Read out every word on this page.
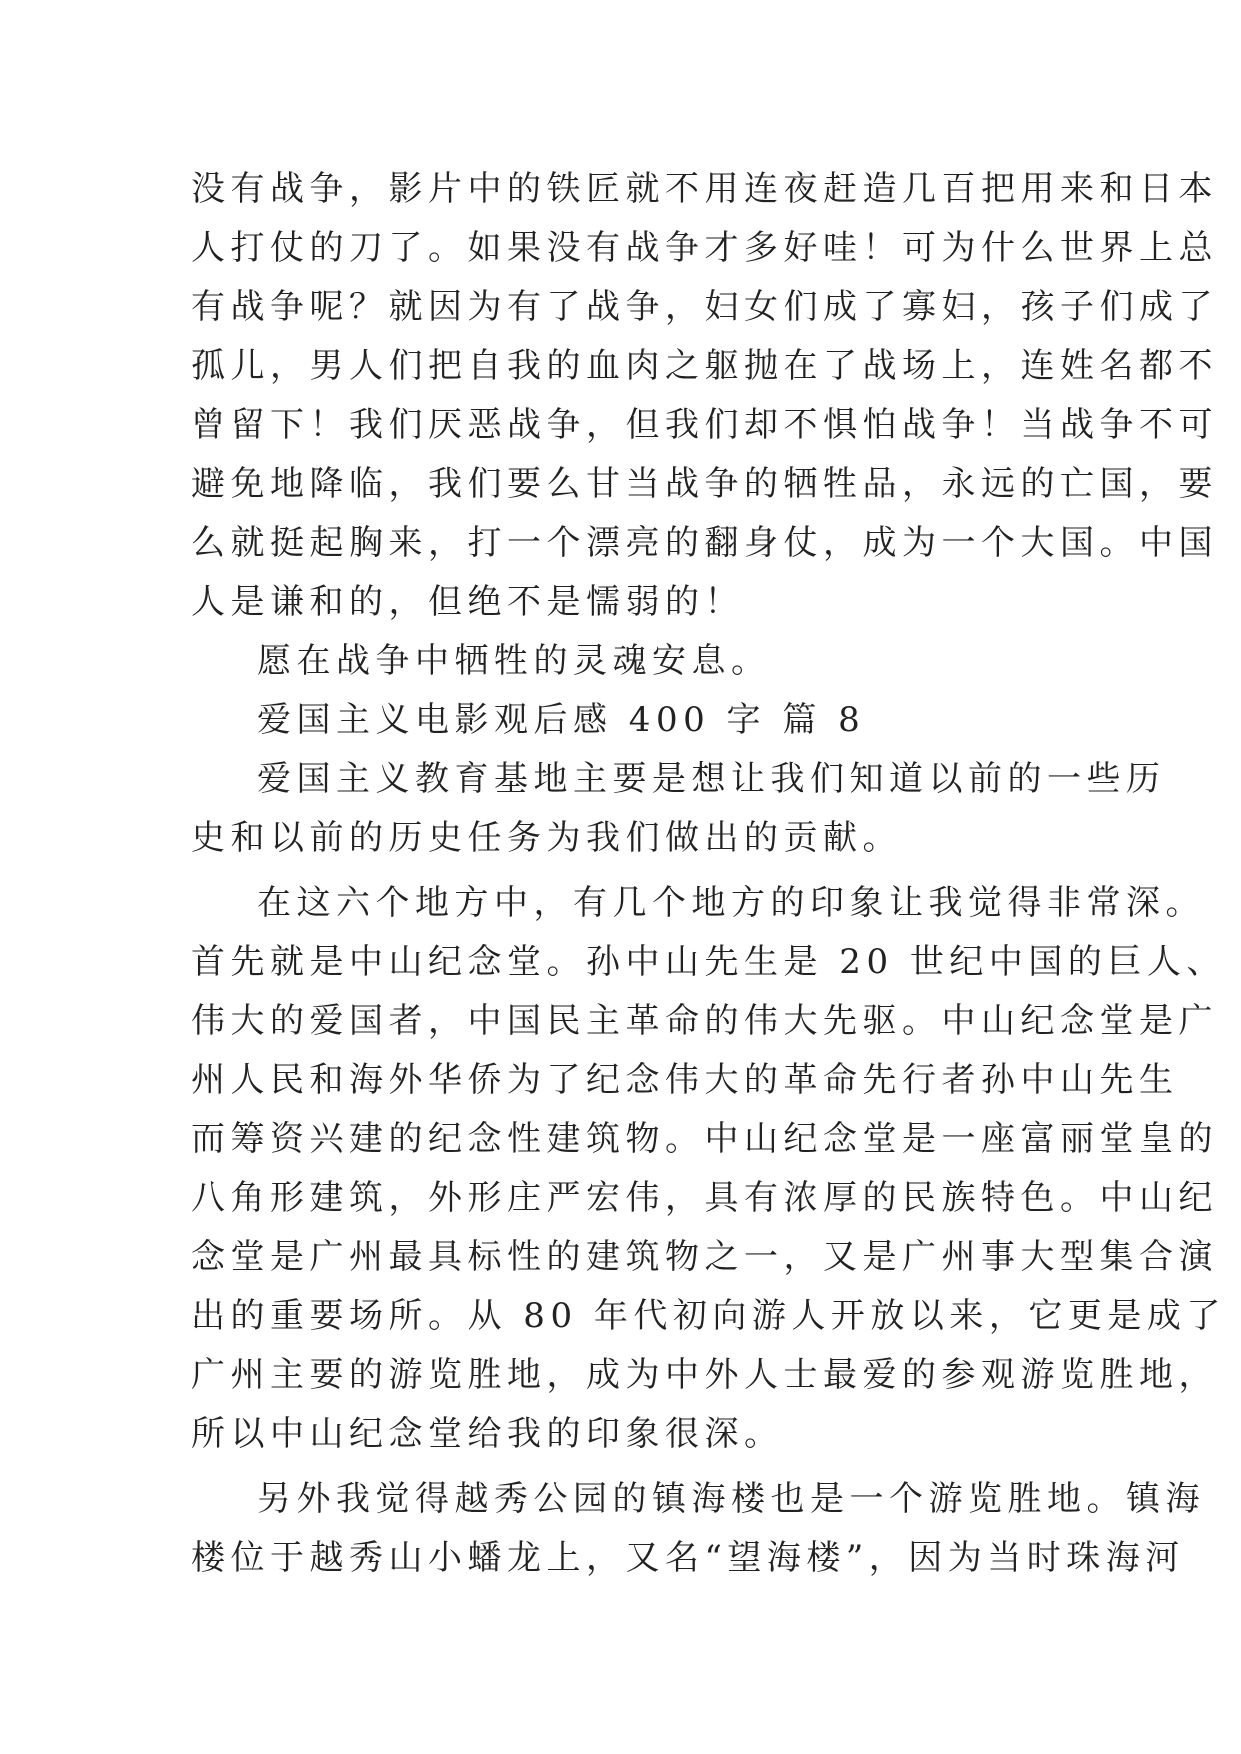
没有战争，影片中的铁匠就不用连夜赶造几百把用来和日本
人打仗的刀了。如果没有战争才多好哇！可为什么世界上总
有战争呢？就因为有了战争，妇女们成了寡妇，孩子们成了
孤儿，男人们把自我的血肉之躯抛在了战场上，连姓名都不
曾留下！我们厌恶战争，但我们却不惧怕战争！当战争不可
避免地降临，我们要么甘当战争的牺牲品，永远的亡国，要
么就挺起胸来，打一个漂亮的翻身仗，成为一个大国。中国
人是谦和的，但绝不是懦弱的！
愿在战争中牺牲的灵魂安息。
爱国主义电影观后感 400 字 篇 8
爱国主义教育基地主要是想让我们知道以前的一些历
史和以前的历史任务为我们做出的贡献。
在这六个地方中，有几个地方的印象让我觉得非常深。
首先就是中山纪念堂。孙中山先生是 20 世纪中国的巨人、
伟大的爱国者，中国民主革命的伟大先驱。中山纪念堂是广
州人民和海外华侨为了纪念伟大的革命先行者孙中山先生
而筹资兴建的纪念性建筑物。中山纪念堂是一座富丽堂皇的
八角形建筑，外形庄严宏伟，具有浓厚的民族特色。中山纪
念堂是广州最具标性的建筑物之一，又是广州事大型集合演
出的重要场所。从 80 年代初向游人开放以来，它更是成了
广州主要的游览胜地，成为中外人士最爱的参观游览胜地，
所以中山纪念堂给我的印象很深。
另外我觉得越秀公园的镇海楼也是一个游览胜地。镇海
楼位于越秀山小蟠龙上，又名“望海楼”，因为当时珠海河
